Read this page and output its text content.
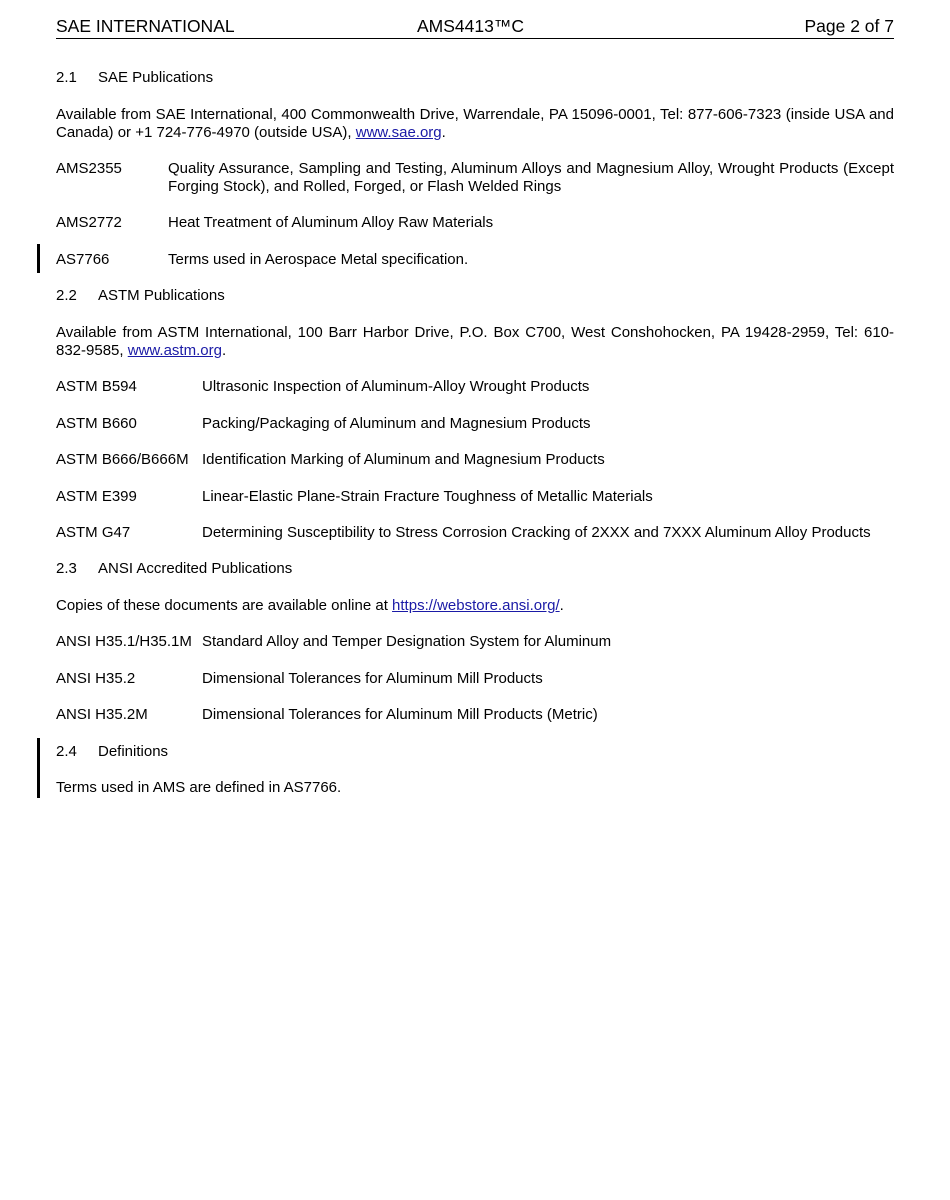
SAE INTERNATIONAL	AMS4413™C	Page 2 of 7
2.1 SAE Publications
Available from SAE International, 400 Commonwealth Drive, Warrendale, PA 15096-0001, Tel: 877-606-7323 (inside USA and Canada) or +1 724-776-4970 (outside USA), www.sae.org.
AMS2355	Quality Assurance, Sampling and Testing, Aluminum Alloys and Magnesium Alloy, Wrought Products (Except Forging Stock), and Rolled, Forged, or Flash Welded Rings
AMS2772	Heat Treatment of Aluminum Alloy Raw Materials
AS7766	Terms used in Aerospace Metal specification.
2.2 ASTM Publications
Available from ASTM International, 100 Barr Harbor Drive, P.O. Box C700, West Conshohocken, PA 19428-2959, Tel: 610-832-9585, www.astm.org.
ASTM B594	Ultrasonic Inspection of Aluminum-Alloy Wrought Products
ASTM B660	Packing/Packaging of Aluminum and Magnesium Products
ASTM B666/B666M Identification Marking of Aluminum and Magnesium Products
ASTM E399	Linear-Elastic Plane-Strain Fracture Toughness of Metallic Materials
ASTM G47	Determining Susceptibility to Stress Corrosion Cracking of 2XXX and 7XXX Aluminum Alloy Products
2.3 ANSI Accredited Publications
Copies of these documents are available online at https://webstore.ansi.org/.
ANSI H35.1/H35.1M Standard Alloy and Temper Designation System for Aluminum
ANSI H35.2	Dimensional Tolerances for Aluminum Mill Products
ANSI H35.2M	Dimensional Tolerances for Aluminum Mill Products (Metric)
2.4 Definitions
Terms used in AMS are defined in AS7766.
